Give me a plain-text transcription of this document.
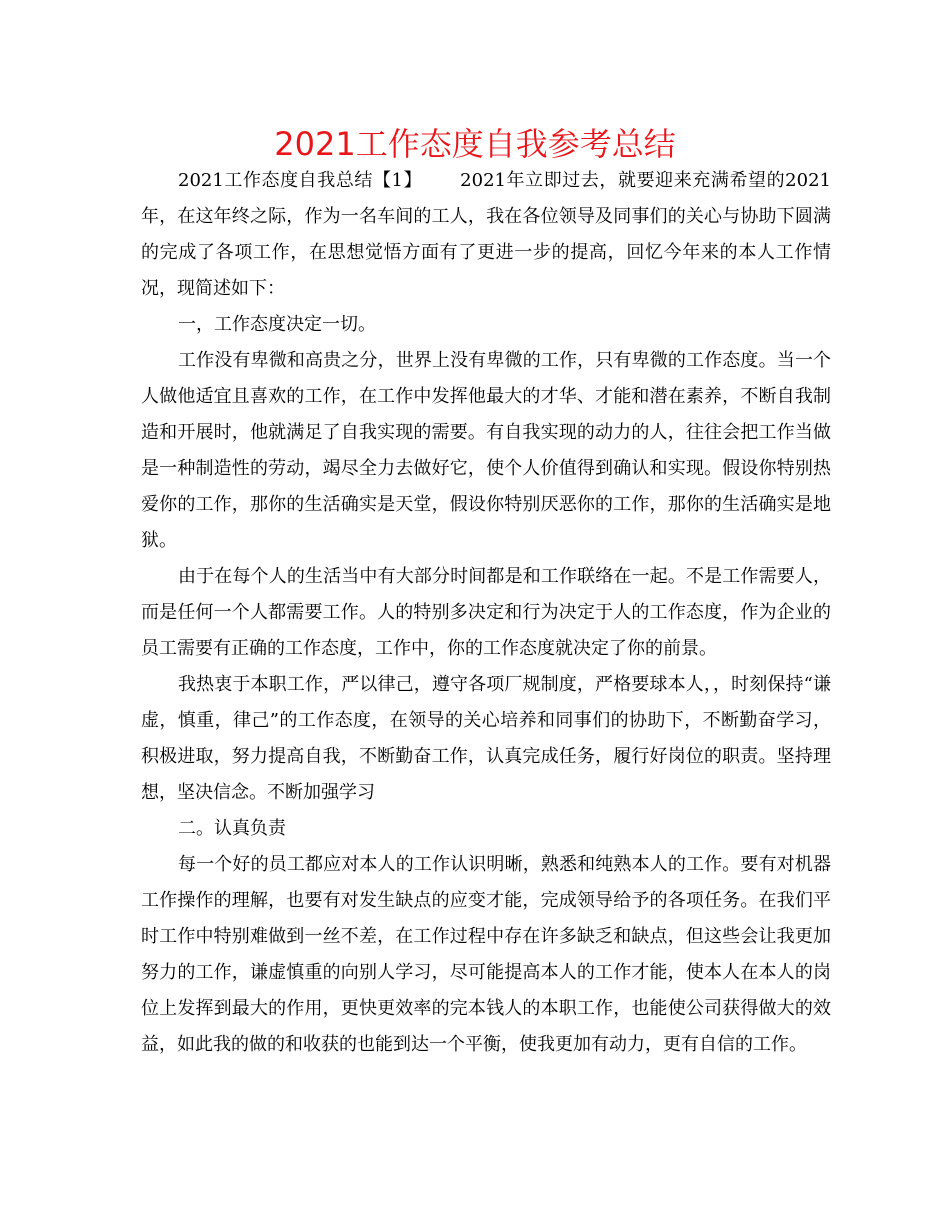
2021工作态度自我参考总结

2021工作态度自我总结【1】 2021年立即过去，就要迎来充满希望的2021年，在这年终之际，作为一名车间的工人，我在各位领导及同事们的关心与协助下圆满的完成了各项工作，在思想觉悟方面有了更进一步的提高，回忆今年来的本人工作情况，现简述如下：

一，工作态度决定一切。

工作没有卑微和高贵之分，世界上没有卑微的工作，只有卑微的工作态度。当一个人做他适宜且喜欢的工作，在工作中发挥他最大的才华、才能和潜在素养，不断自我制造和开展时，他就满足了自我实现的需要。有自我实现的动力的人，往往会把工作当做是一种制造性的劳动，竭尽全力去做好它，使个人价值得到确认和实现。假设你特别热爱你的工作，那你的生活确实是天堂，假设你特别厌恶你的工作，那你的生活确实是地狱。

由于在每个人的生活当中有大部分时间都是和工作联络在一起。不是工作需要人，而是任何一个人都需要工作。人的特别多决定和行为决定于人的工作态度，作为企业的员工需要有正确的工作态度，工作中，你的工作态度就决定了你的前景。

我热衷于本职工作，严以律己，遵守各项厂规制度，严格要球本人，，时刻保持“谦虚，慎重，律己”的工作态度，在领导的关心培养和同事们的协助下，不断勤奋学习，积极进取，努力提高自我，不断勤奋工作，认真完成任务，履行好岗位的职责。坚持理想，坚决信念。不断加强学习

二。认真负责

每一个好的员工都应对本人的工作认识明晰，熟悉和纯熟本人的工作。要有对机器工作操作的理解，也要有对发生缺点的应变才能，完成领导给予的各项任务。在我们平时工作中特别难做到一丝不差，在工作过程中存在许多缺乏和缺点，但这些会让我更加努力的工作，谦虚慎重的向别人学习，尽可能提高本人的工作才能，使本人在本人的岗位上发挥到最大的作用，更快更效率的完本钱人的本职工作，也能使公司获得做大的效益，如此我的做的和收获的也能到达一个平衡，使我更加有动力，更有自信的工作。
